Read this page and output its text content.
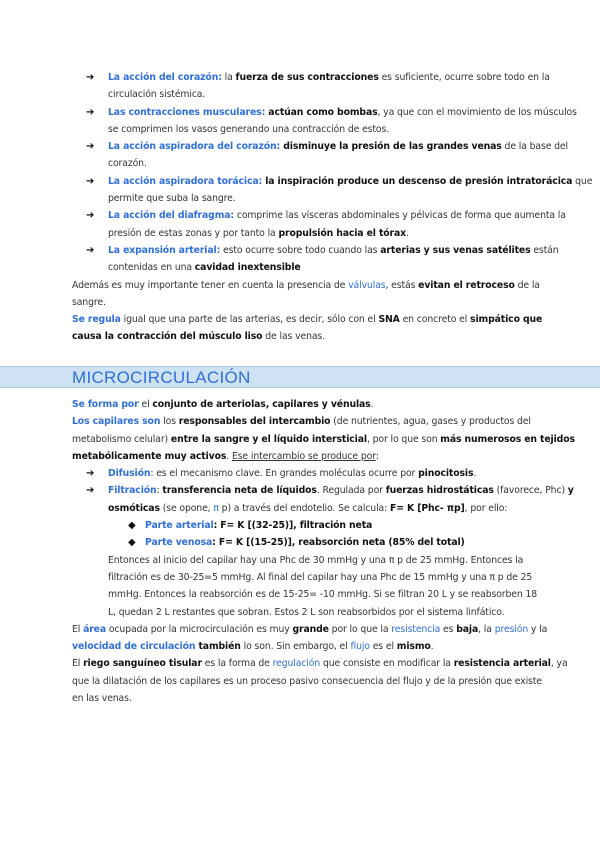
➔ La acción del corazón: la fuerza de sus contracciones es suficiente, ocurre sobre todo en la
circulación sistémica.
➔ Las contracciones musculares: actúan como bombas, ya que con el movimiento de los músculos
se comprimen los vasos generando una contracción de estos.
➔ La acción aspiradora del corazón: disminuye la presión de las grandes venas de la base del
corazón.
➔ La acción aspiradora torácica: la inspiración produce un descenso de presión intratorácica que
permite que suba la sangre.
➔ La acción del diafragma: comprime las vísceras abdominales y pélvicas de forma que aumenta la
presión de estas zonas y por tanto la propulsión hacia el tórax.
➔ La expansión arterial: esto ocurre sobre todo cuando las arterias y sus venas satélites están
contenidas en una cavidad inextensible
Además es muy importante tener en cuenta la presencia de válvulas, estás evitan el retroceso de la
sangre.
Se regula igual que una parte de las arterias, es decir, sólo con el SNA en concreto el simpático que
causa la contracción del músculo liso de las venas.
MICROCIRCULACIÓN
Se forma por el conjunto de arteriolas, capilares y vénulas.
Los capilares son los responsables del intercambio (de nutrientes, agua, gases y productos del
metabolismo celular) entre la sangre y el líquido intersticial, por lo que son más numerosos en tejidos
metabólicamente muy activos. Ese intercambio se produce por:
➔ Difusión: es el mecanismo clave. En grandes moléculas ocurre por pinocitosis.
➔ Filtración: transferencia neta de líquidos. Regulada por fuerzas hidrostáticas (favorece, Phc) y
osmóticas (se opone, π p) a través del endotelio. Se calcula: F= K [Phc- πp], por ello:
◆ Parte arterial: F= K [(32-25)], filtración neta
◆ Parte venosa: F= K [(15-25)], reabsorción neta (85% del total)
Entonces al inicio del capilar hay una Phc de 30 mmHg y una π p de 25 mmHg. Entonces la
filtración es de 30-25=5 mmHg. Al final del capilar hay una Phc de 15 mmHg y una π p de 25
mmHg. Entonces la reabsorción es de 15-25= -10 mmHg. Si se filtran 20 L y se reabsorben 18
L, quedan 2 L restantes que sobran. Estos 2 L son reabsorbidos por el sistema linfático.
El área ocupada por la microcirculación es muy grande por lo que la resistencia es baja, la presión y la
velocidad de circulación también lo son. Sin embargo, el flujo es el mismo.
El riego sanguíneo tisular es la forma de regulación que consiste en modificar la resistencia arterial, ya
que la dilatación de los capilares es un proceso pasivo consecuencia del flujo y de la presión que existe
en las venas.
